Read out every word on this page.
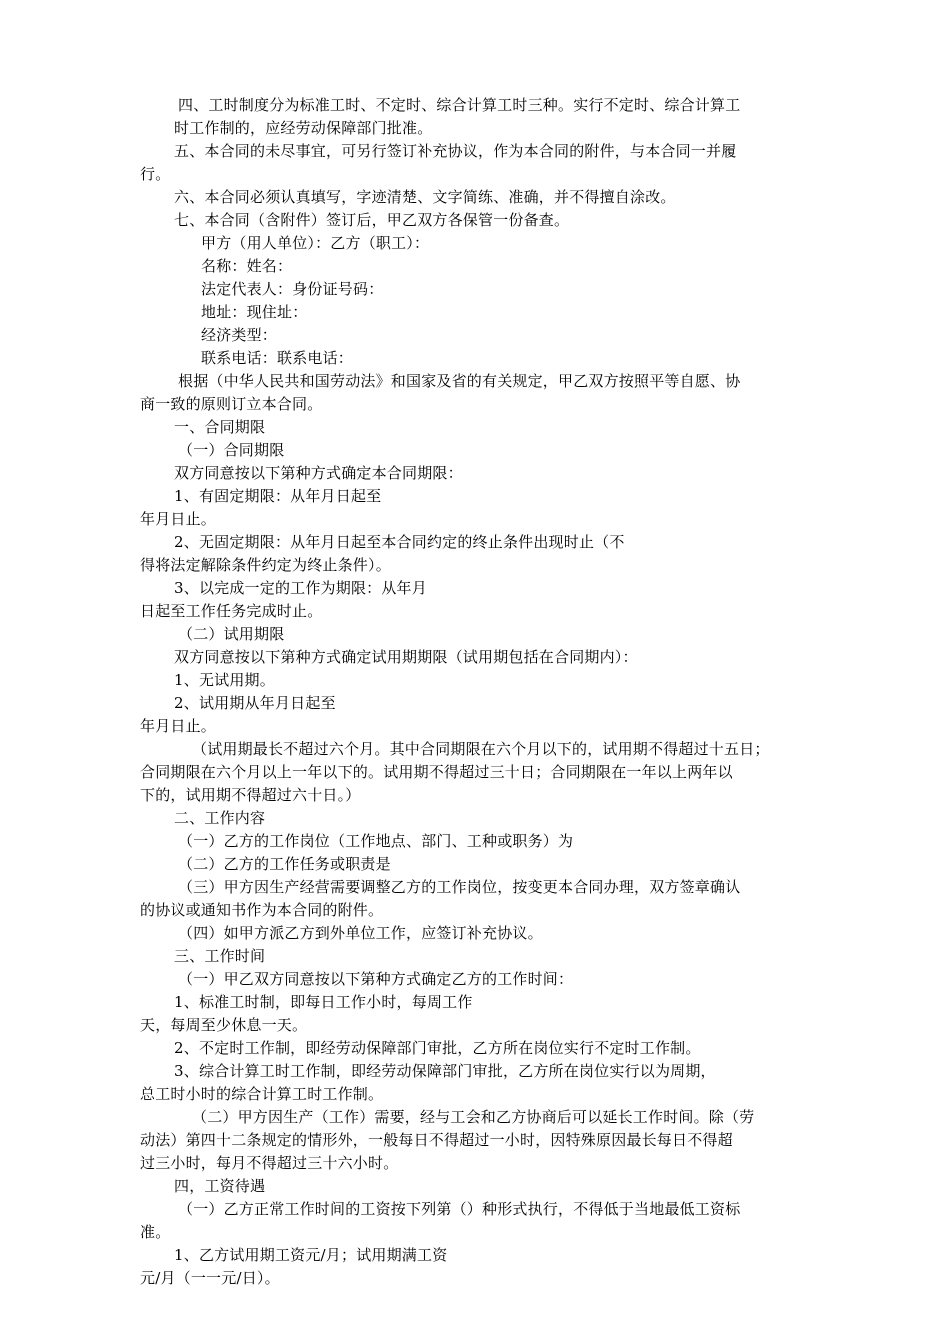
四、工时制度分为标准工时、不定时、综合计算工时三种。实行不定时、综合计算工
时工作制的，应经劳动保障部门批准。
五、本合同的未尽事宜，可另行签订补充协议，作为本合同的附件，与本合同一并履
行。
六、本合同必须认真填写，字迹清楚、文字简练、准确，并不得擅自涂改。
七、本合同（含附件）签订后，甲乙双方各保管一份备查。
甲方（用人单位）：乙方（职工）：
名称：姓名：
法定代表人：身份证号码：
地址：现住址：
经济类型：
联系电话：联系电话：
根据（中华人民共和国劳动法》和国家及省的有关规定，甲乙双方按照平等自愿、协
商一致的原则订立本合同。
一、合同期限
（一）合同期限
双方同意按以下第种方式确定本合同期限：
1、有固定期限：从年月日起至
年月日止。
2、无固定期限：从年月日起至本合同约定的终止条件出现时止（不
得将法定解除条件约定为终止条件）。
3、以完成一定的工作为期限：从年月
日起至工作任务完成时止。
（二）试用期限
双方同意按以下第种方式确定试用期期限（试用期包括在合同期内）：
1、无试用期。
2、试用期从年月日起至
年月日止。
（试用期最长不超过六个月。其中合同期限在六个月以下的，试用期不得超过十五日；
合同期限在六个月以上一年以下的。试用期不得超过三十日；合同期限在一年以上两年以
下的，试用期不得超过六十日。）
二、工作内容
（一）乙方的工作岗位（工作地点、部门、工种或职务）为
（二）乙方的工作任务或职责是
（三）甲方因生产经营需要调整乙方的工作岗位，按变更本合同办理，双方签章确认
的协议或通知书作为本合同的附件。
（四）如甲方派乙方到外单位工作，应签订补充协议。
三、工作时间
（一）甲乙双方同意按以下第种方式确定乙方的工作时间：
1、标准工时制，即每日工作小时，每周工作
天，每周至少休息一天。
2、不定时工作制，即经劳动保障部门审批，乙方所在岗位实行不定时工作制。
3、综合计算工时工作制，即经劳动保障部门审批，乙方所在岗位实行以为周期，
总工时小时的综合计算工时工作制。
（二）甲方因生产（工作）需要，经与工会和乙方协商后可以延长工作时间。除（劳
动法）第四十二条规定的情形外，一般每日不得超过一小时，因特殊原因最长每日不得超
过三小时，每月不得超过三十六小时。
四，工资待遇
（一）乙方正常工作时间的工资按下列第（）种形式执行，不得低于当地最低工资标
准。
1、乙方试用期工资元/月；试用期满工资
元/月（一一元/日）。
